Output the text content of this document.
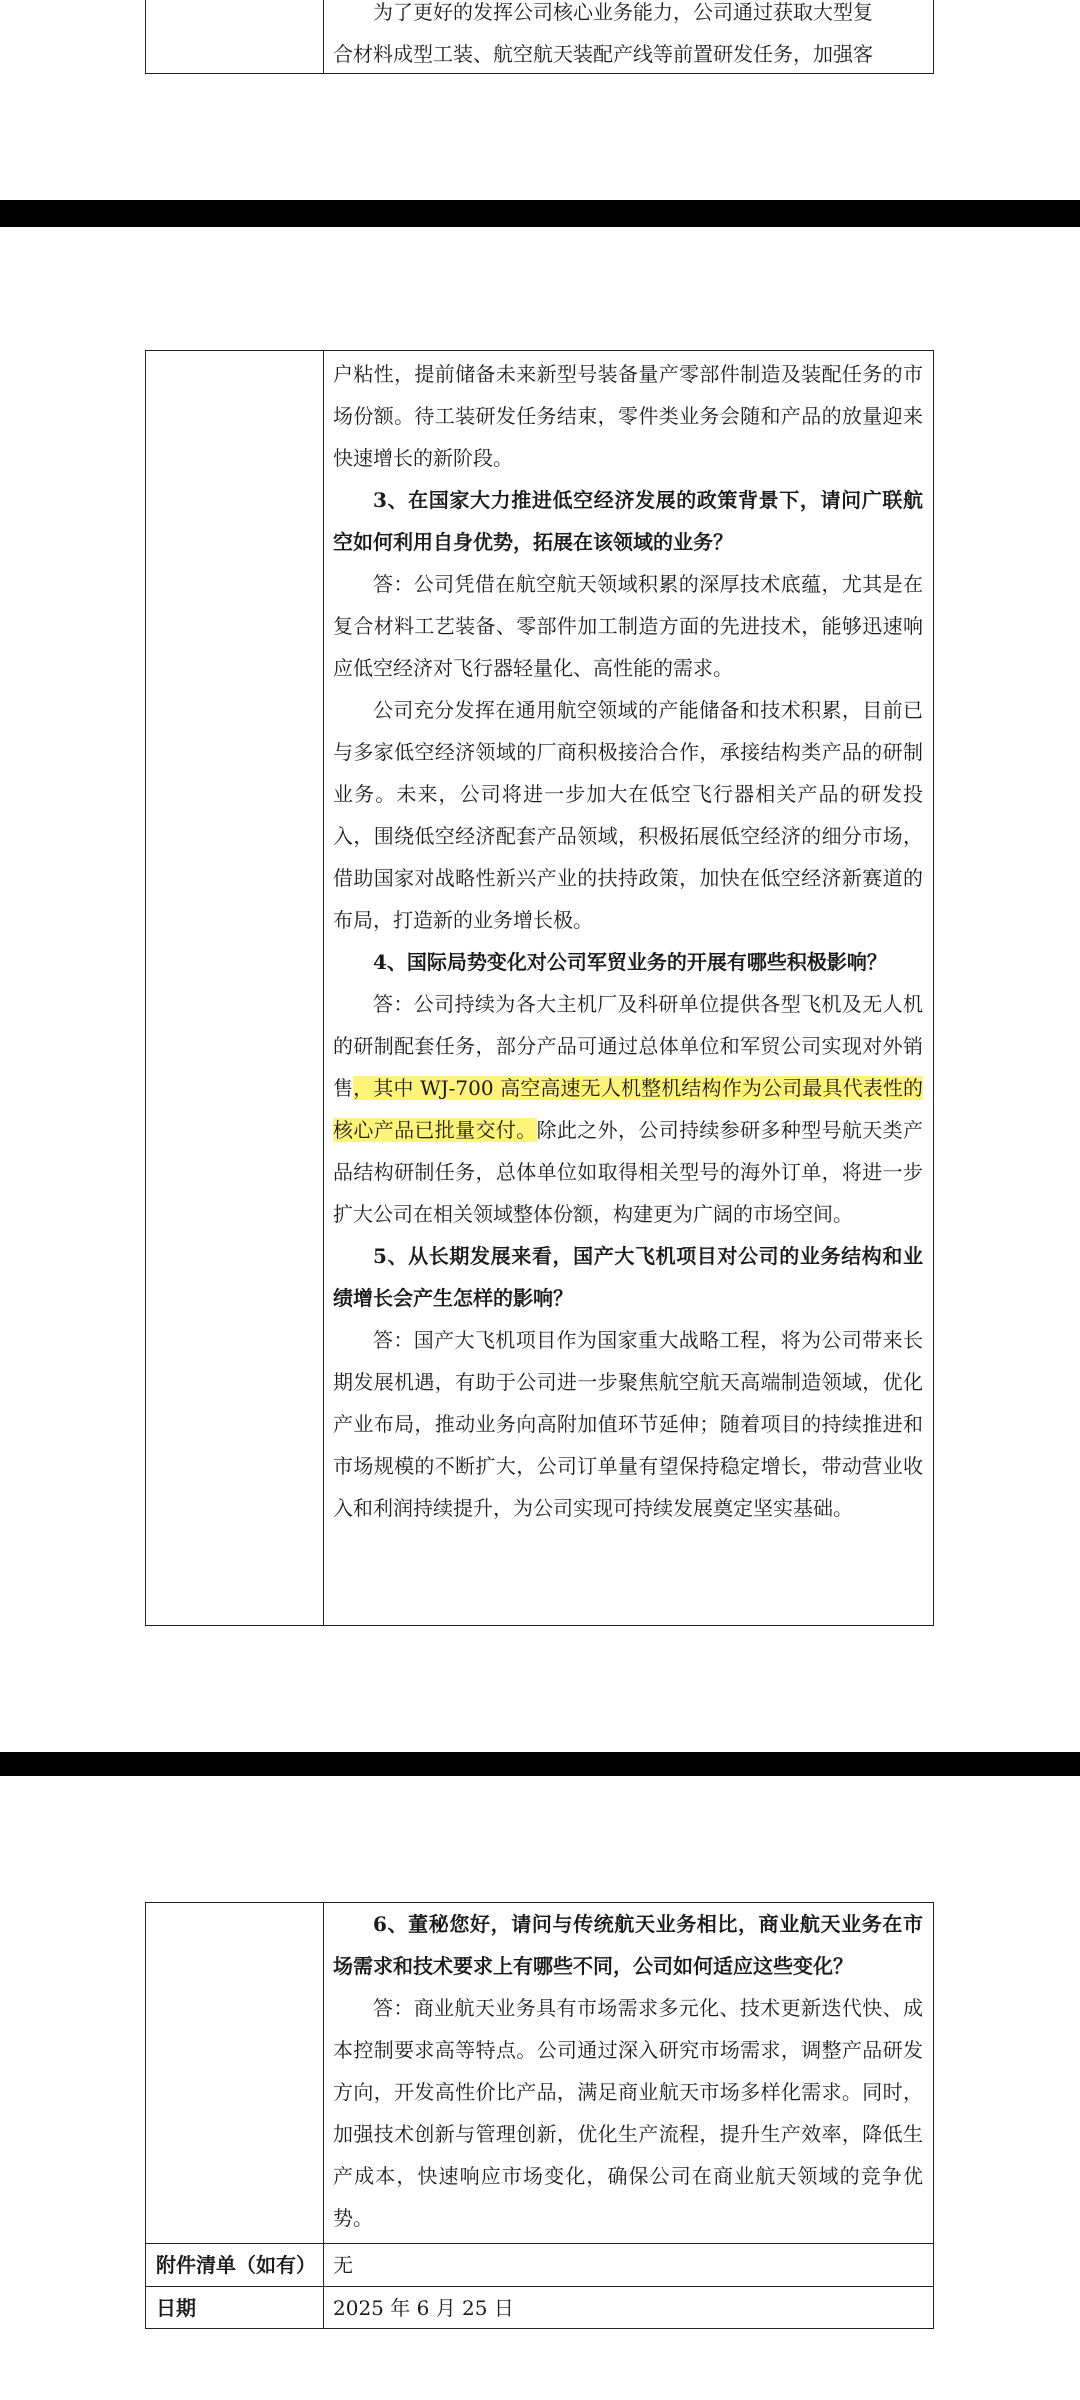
为了更好的发挥公司核心业务能力，公司通过获取大型复

合材料成型工装、航空航天装配产线等前置研发任务，加强客

户粘性，提前储备未来新型号装备量产零部件制造及装配任务的市场份额。待工装研发任务结束，零件类业务会随和产品的放量迎来快速增长的新阶段。

3、在国家大力推进低空经济发展的政策背景下，请问广联航空如何利用自身优势，拓展在该领域的业务？

答：公司凭借在航空航天领域积累的深厚技术底蕴，尤其是在复合材料工艺装备、零部件加工制造方面的先进技术，能够迅速响应低空经济对飞行器轻量化、高性能的需求。

公司充分发挥在通用航空领域的产能储备和技术积累，目前已与多家低空经济领域的厂商积极接洽合作，承接结构类产品的研制业务。未来，公司将进一步加大在低空飞行器相关产品的研发投入，围绕低空经济配套产品领域，积极拓展低空经济的细分市场，借助国家对战略性新兴产业的扶持政策，加快在低空经济新赛道的布局，打造新的业务增长极。

4、国际局势变化对公司军贸业务的开展有哪些积极影响？

答：公司持续为各大主机厂及科研单位提供各型飞机及无人机的研制配套任务，部分产品可通过总体单位和军贸公司实现对外销售，其中 WJ-700 高空高速无人机整机结构作为公司最具代表性的核心产品已批量交付。除此之外，公司持续参研多种型号航天类产品结构研制任务，总体单位如取得相关型号的海外订单，将进一步扩大公司在相关领域整体份额，构建更为广阔的市场空间。

5、从长期发展来看，国产大飞机项目对公司的业务结构和业绩增长会产生怎样的影响？

答：国产大飞机项目作为国家重大战略工程，将为公司带来长期发展机遇，有助于公司进一步聚焦航空航天高端制造领域，优化产业布局，推动业务向高附加值环节延伸；随着项目的持续推进和市场规模的不断扩大，公司订单量有望保持稳定增长，带动营业收入和利润持续提升，为公司实现可持续发展奠定坚实基础。

6、董秘您好，请问与传统航天业务相比，商业航天业务在市场需求和技术要求上有哪些不同，公司如何适应这些变化？

答：商业航天业务具有市场需求多元化、技术更新迭代快、成本控制要求高等特点。公司通过深入研究市场需求，调整产品研发方向，开发高性价比产品，满足商业航天市场多样化需求。同时，加强技术创新与管理创新，优化生产流程，提升生产效率，降低生产成本，快速响应市场变化，确保公司在商业航天领域的竞争优势。

附件清单（如有） 无
日期	2025 年 6 月 25 日
